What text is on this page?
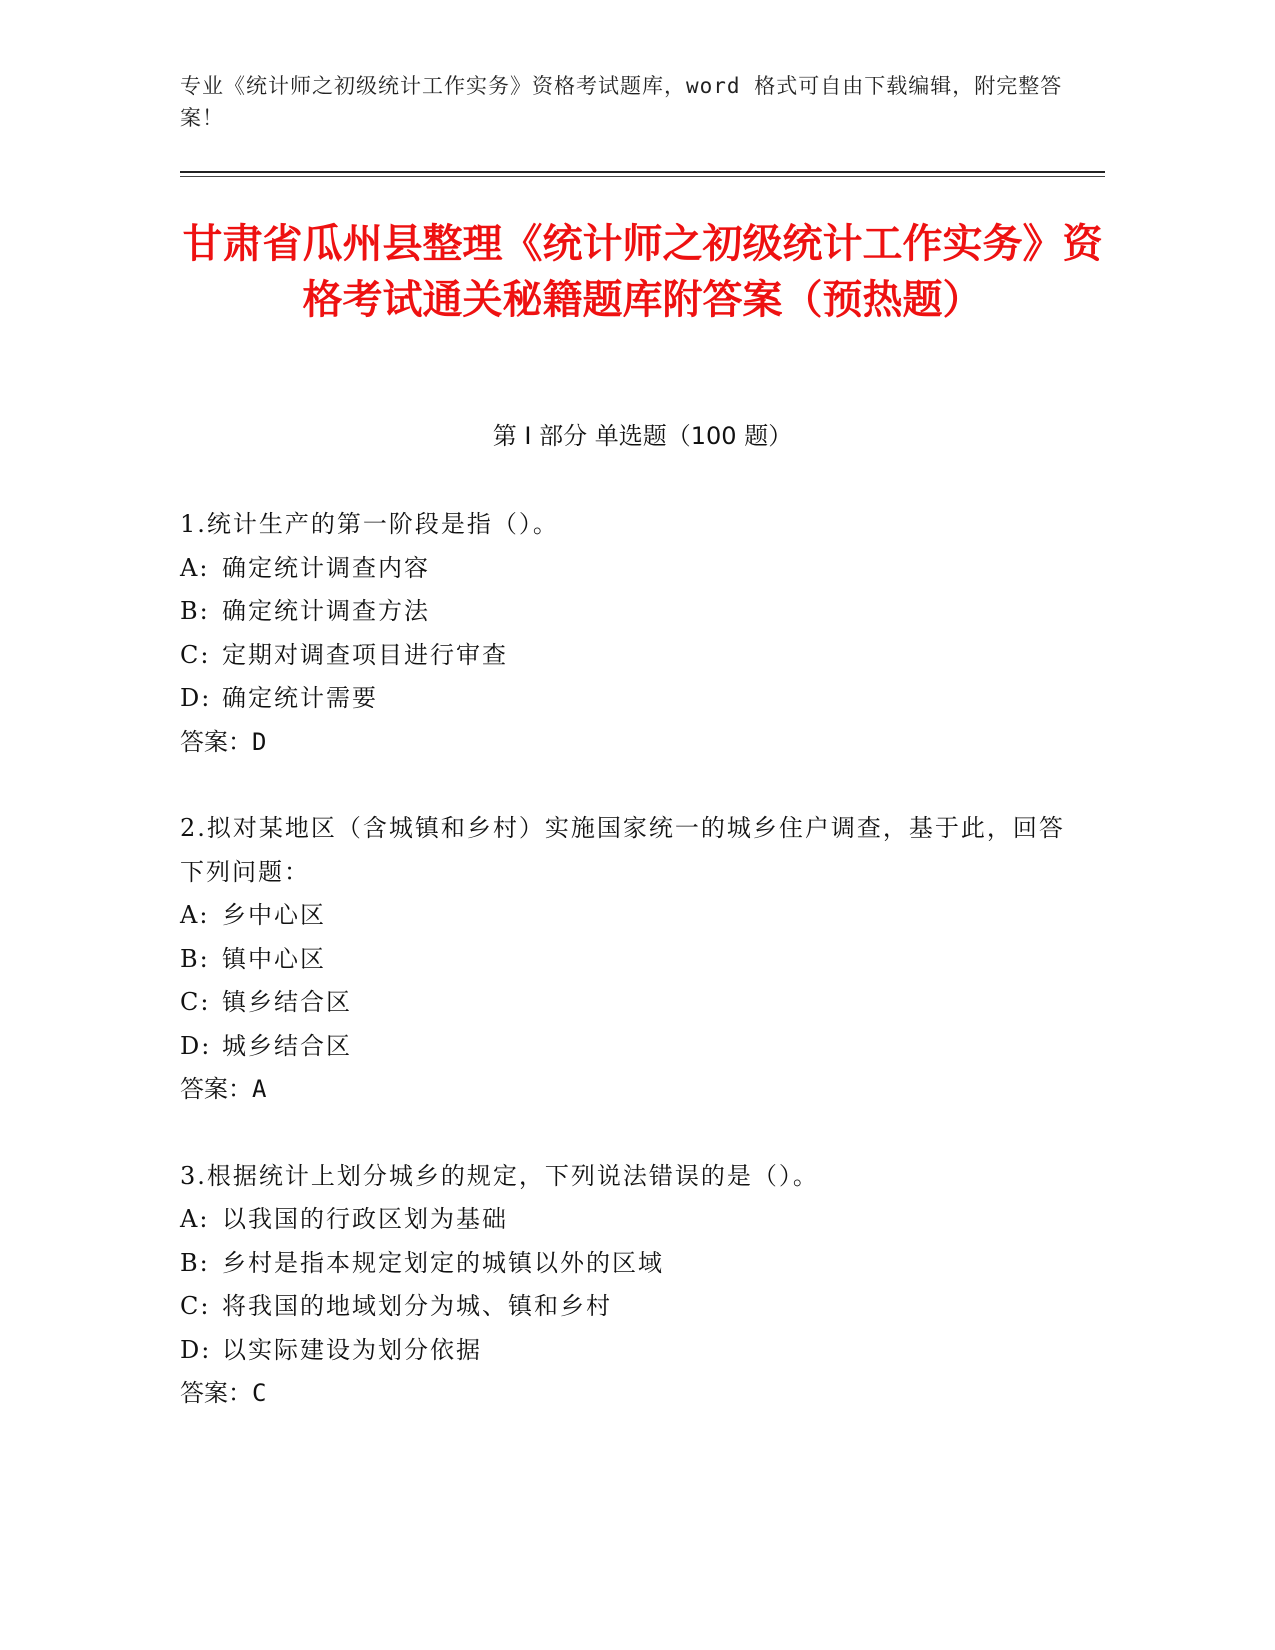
专业《统计师之初级统计工作实务》资格考试题库，word 格式可自由下载编辑，附完整答案！
甘肃省瓜州县整理《统计师之初级统计工作实务》资格考试通关秘籍题库附答案（预热题）
第 I 部分 单选题（100 题）

1.统计生产的第一阶段是指（）。

A: 确定统计调查内容

B: 确定统计调查方法

C: 定期对调查项目进行审查

D: 确定统计需要

答案：D

2.拟对某地区（含城镇和乡村）实施国家统一的城乡住户调查，基于此，回答下列问题：

A: 乡中心区

B: 镇中心区

C: 镇乡结合区

D: 城乡结合区

答案：A

3.根据统计上划分城乡的规定，下列说法错误的是（）。

A: 以我国的行政区划为基础

B: 乡村是指本规定划定的城镇以外的区域

C: 将我国的地域划分为城、镇和乡村

D: 以实际建设为划分依据

答案：C
